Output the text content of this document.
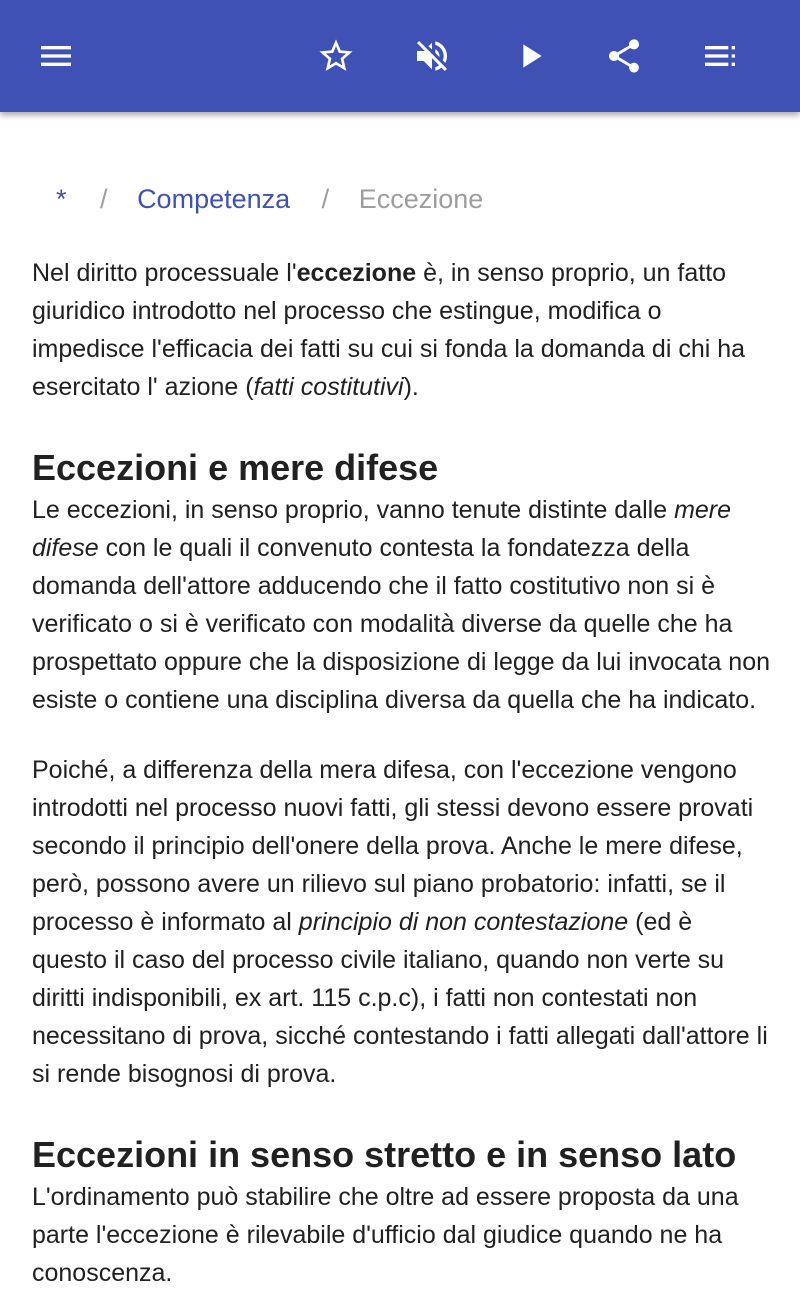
* / Competenza / Eccezione

Nel diritto processuale l'eccezione è, in senso proprio, un fatto giuridico introdotto nel processo che estingue, modifica o impedisce l'efficacia dei fatti su cui si fonda la domanda di chi ha esercitato l' azione (fatti costitutivi).

Eccezioni e mere difese

Le eccezioni, in senso proprio, vanno tenute distinte dalle mere difese con le quali il convenuto contesta la fondatezza della domanda dell'attore adducendo che il fatto costitutivo non si è verificato o si è verificato con modalità diverse da quelle che ha prospettato oppure che la disposizione di legge da lui invocata non esiste o contiene una disciplina diversa da quella che ha indicato.

Poiché, a differenza della mera difesa, con l'eccezione vengono introdotti nel processo nuovi fatti, gli stessi devono essere provati secondo il principio dell'onere della prova. Anche le mere difese, però, possono avere un rilievo sul piano probatorio: infatti, se il processo è informato al principio di non contestazione (ed è questo il caso del processo civile italiano, quando non verte su diritti indisponibili, ex art. 115 c.p.c), i fatti non contestati non necessitano di prova, sicché contestando i fatti allegati dall'attore li si rende bisognosi di prova.

Eccezioni in senso stretto e in senso lato

L'ordinamento può stabilire che oltre ad essere proposta da una parte l'eccezione è rilevabile d'ufficio dal giudice quando ne ha conoscenza.
